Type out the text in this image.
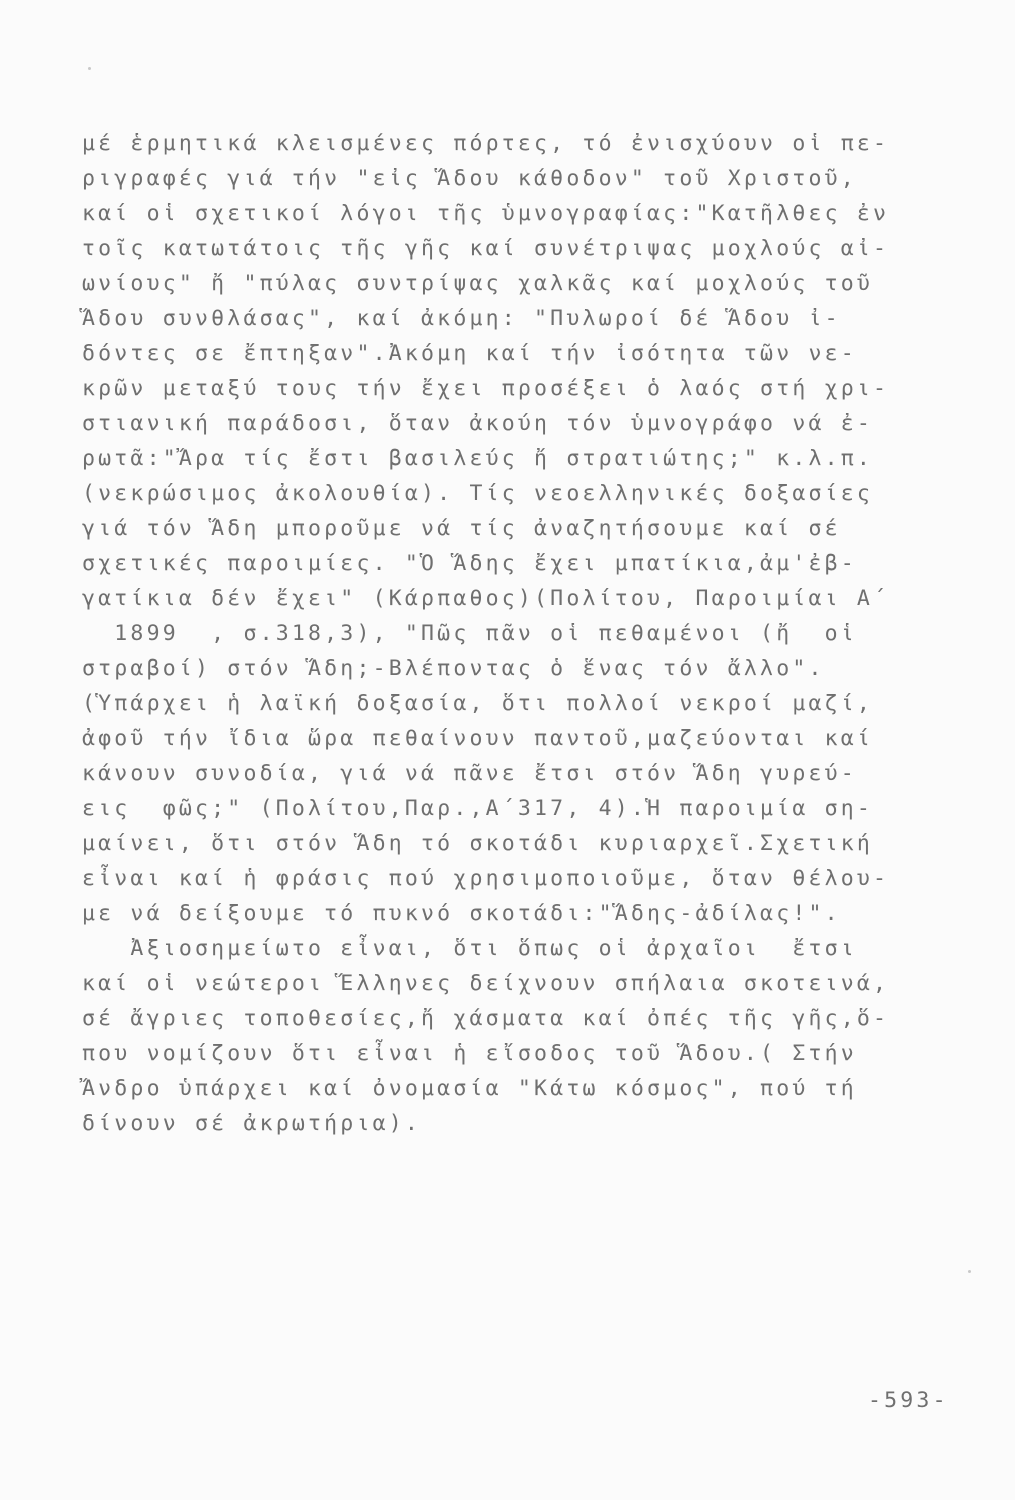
μέ ἑρμητικά κλεισμένες πόρτες, τό ἐνισχύουν οἱ πε-
ριγραφές γιά τήν "εἰς Ἅδου κάθοδον" τοῦ Χριστοῦ,
καί οἱ σχετικοί λόγοι τῆς ὑμνογραφίας:"Κατῆλθες ἐν
τοῖς κατωτάτοις τῆς γῆς καί συνέτριψας μοχλούς αἰ-
ωνίους" ἤ "πύλας συντρίψας χαλκᾶς καί μοχλούς τοῦ
Ἅδου συνθλάσας", καί ἀκόμη: "Πυλωροί δέ Ἅδου ἰ-
δόντες σε ἔπτηξαν".Ἀκόμη καί τήν ἰσότητα τῶν νε-
κρῶν μεταξύ τους τήν ἔχει προσέξει ὁ λαός στή χρι-
στιανική παράδοσι, ὅταν ἀκούη τόν ὑμνογράφο νά ἐ-
ρωτᾶ:"Ἄρα τίς ἔστι βασιλεύς ἤ στρατιώτης;" κ.λ.π.
(νεκρώσιμος ἀκολουθία). Τίς νεοελληνικές δοξασίες
γιά τόν Ἅδη μποροῦμε νά τίς ἀναζητήσουμε καί σέ
σχετικές παροιμίες. "Ὁ Ἅδης ἔχει μπατίκια,ἀμ'ἐβ-
γατίκια δέν ἔχει" (Κάρπαθος)(Πολίτου, Παροιμίαι Α΄
1899  , σ.318,3), "Πῶς πᾶν οἱ πεθαμένοι (ἤ  οἱ
στραβοί) στόν Ἅδη;-Βλέποντας ὁ ἕνας τόν ἄλλο".
(Ὑπάρχει ἡ λαϊκή δοξασία, ὅτι πολλοί νεκροί μαζί,
ἀφοῦ τήν ἴδια ὥρα πεθαίνουν παντοῦ,μαζεύονται καί
κάνουν συνοδία, γιά νά πᾶνε ἔτσι στόν Ἅδη γυρεύ-
εις  φῶς;" (Πολίτου,Παρ.,Α΄317, 4).Ἡ παροιμία ση-
μαίνει, ὅτι στόν Ἅδη τό σκοτάδι κυριαρχεῖ.Σχετική
εἶναι καί ἡ φράσις πού χρησιμοποιοῦμε, ὅταν θέλου-
με νά δείξουμε τό πυκνό σκοτάδι:"Ἅδης-ἀδίλας!".
Ἀξιοσημείωτο εἶναι, ὅτι ὅπως οἱ ἀρχαῖοι  ἔτσι
καί οἱ νεώτεροι Ἕλληνες δείχνουν σπήλαια σκοτεινά,
σέ ἄγριες τοποθεσίες,ἤ χάσματα καί ὀπές τῆς γῆς,ὅ-
που νομίζουν ὅτι εἶναι ἡ εἴσοδος τοῦ Ἅδου.( Στήν
Ἄνδρο ὑπάρχει καί ὀνομασία "Κάτω κόσμος", πού τή
δίνουν σέ ἀκρωτήρια).
-593-
